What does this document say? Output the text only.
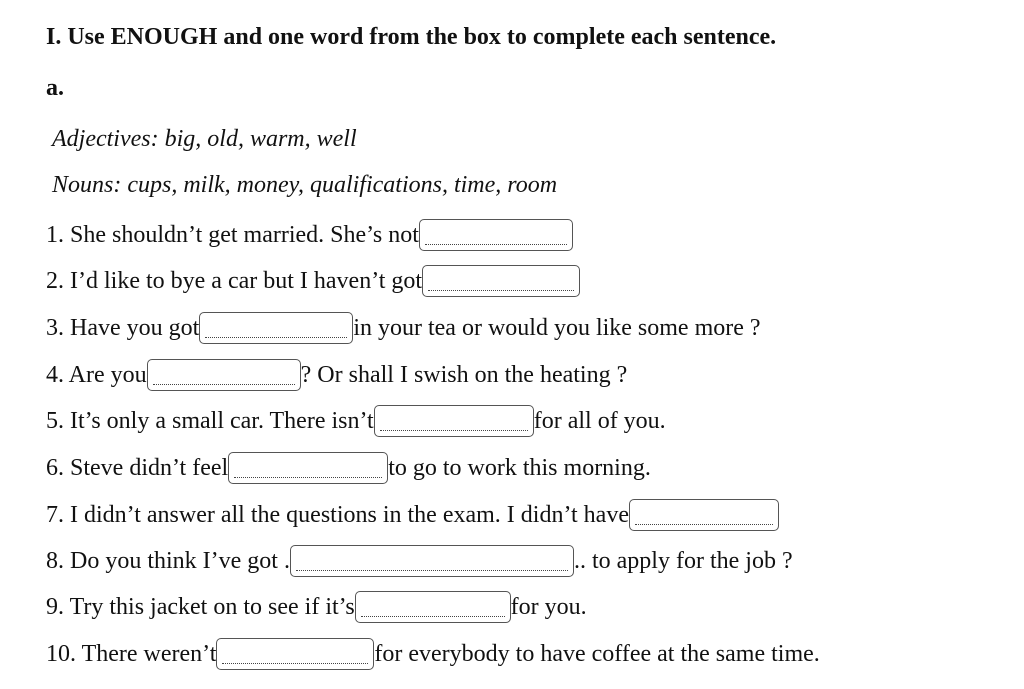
I. Use ENOUGH and one word from the box to complete each sentence.
a.
Adjectives: big, old, warm, well
Nouns: cups, milk, money, qualifications, time, room
1. She shouldn’t get married. She’s not
2. I’d like to bye a car but I haven’t got
3. Have you got	in your tea or would you like some more ?
4. Are you	? Or shall I swish on the heating ?
5. It’s only a small car. There isn’t	for all of you.
6. Steve didn’t feel	to go to work this morning.
7. I didn’t answer all the questions in the exam. I didn’t have
8. Do you think I’ve got .	.. to apply for the job ?
9. Try this jacket on to see if it’s	for you.
10. There weren’t	for everybody to have coffee at the same time.
